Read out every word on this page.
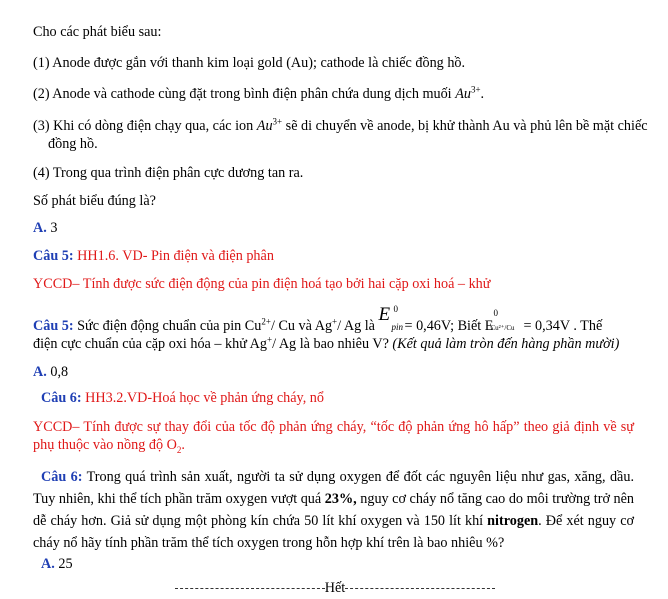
Cho các phát biểu sau:
(1) Anode được gắn với thanh kim loại gold (Au); cathode là chiếc đồng hồ.
(2) Anode và cathode cùng đặt trong bình điện phân chứa dung dịch muối $Au^{3+}$.
(3) Khi có dòng điện chạy qua, các ion $Au^{3+}$ sẽ di chuyển về anode, bị khử thành Au và phủ lên bề mặt chiếc
đồng hồ.
(4) Trong qua trình điện phân cực dương tan ra.
Số phát biểu đúng là?
A. 3
Câu 5: HH1.6. VD- Pin điện và điện phân
YCCD– Tính được sức điện động của pin điện hoá tạo bởi hai cặp oxi hoá – khử
Câu 5: Sức điện động chuẩn của pin $Cu^{2+}/$ Cu và Ag+/ Ag là
E 0
pin = 0,46V; Biết E
0
Cu²⁺/Cu = 0,34V . Thế
điện cực chuẩn của cặp oxi hóa – khử Ag+/ Ag là bao nhiêu V? (Kết quả làm tròn đến hàng phần mười)
A. 0,8
Câu 6: HH3.2.VD-Hoá học về phản ứng cháy, nổ
YCCD– Tính được sự thay đổi của tốc độ phản ứng cháy, “tốc độ phản ứng hô hấp” theo giả định về sự phụ thuộc vào nồng độ $O_2$.
Câu 6: Trong quá trình sản xuất, người ta sử dụng oxygen để đốt các nguyên liệu như gas, xăng, dầu. Tuy nhiên, khi thể tích phần trăm oxygen vượt quá 23%, nguy cơ cháy nổ tăng cao do môi trường trở nên dễ cháy hơn. Giả sử dụng một phòng kín chứa 50 lít khí oxygen và 150 lít khí nitrogen. Để xét nguy cơ cháy nổ hãy tính phần trăm thể tích oxygen trong hỗn hợp khí trên là bao nhiêu %?
A. 25
Hết
